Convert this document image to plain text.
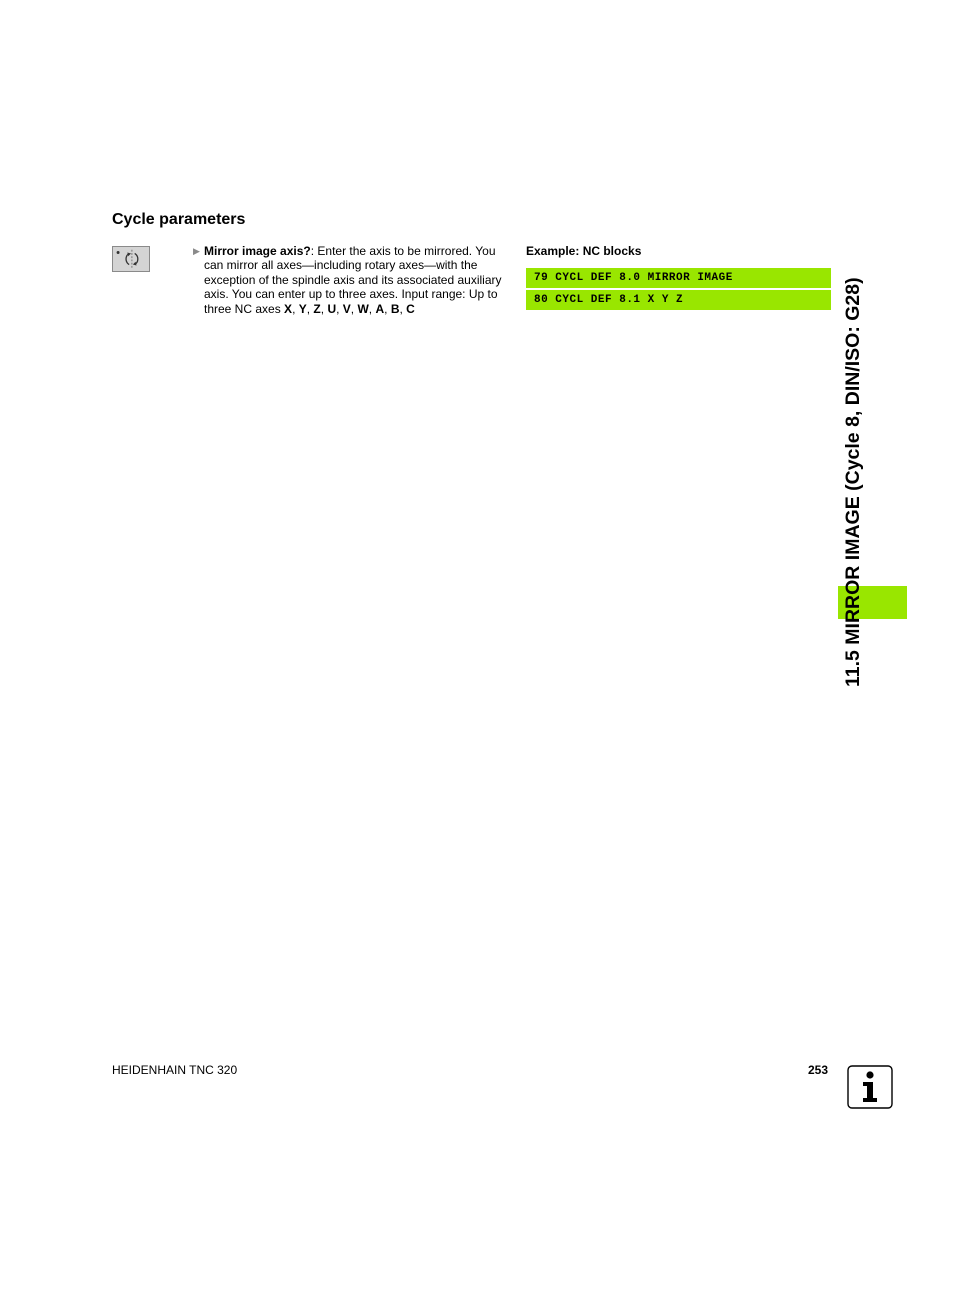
Cycle parameters
▶ Mirror image axis?: Enter the axis to be mirrored. You can mirror all axes—including rotary axes—with the exception of the spindle axis and its associated auxiliary axis. You can enter up to three axes. Input range: Up to three NC axes X, Y, Z, U, V, W, A, B, C
Example: NC blocks
79 CYCL DEF 8.0 MIRROR IMAGE
80 CYCL DEF 8.1 X Y Z	11.5 MIRROR IMAGE (Cycle 8, DIN/ISO: G28)
HEIDENHAIN TNC 320	253
